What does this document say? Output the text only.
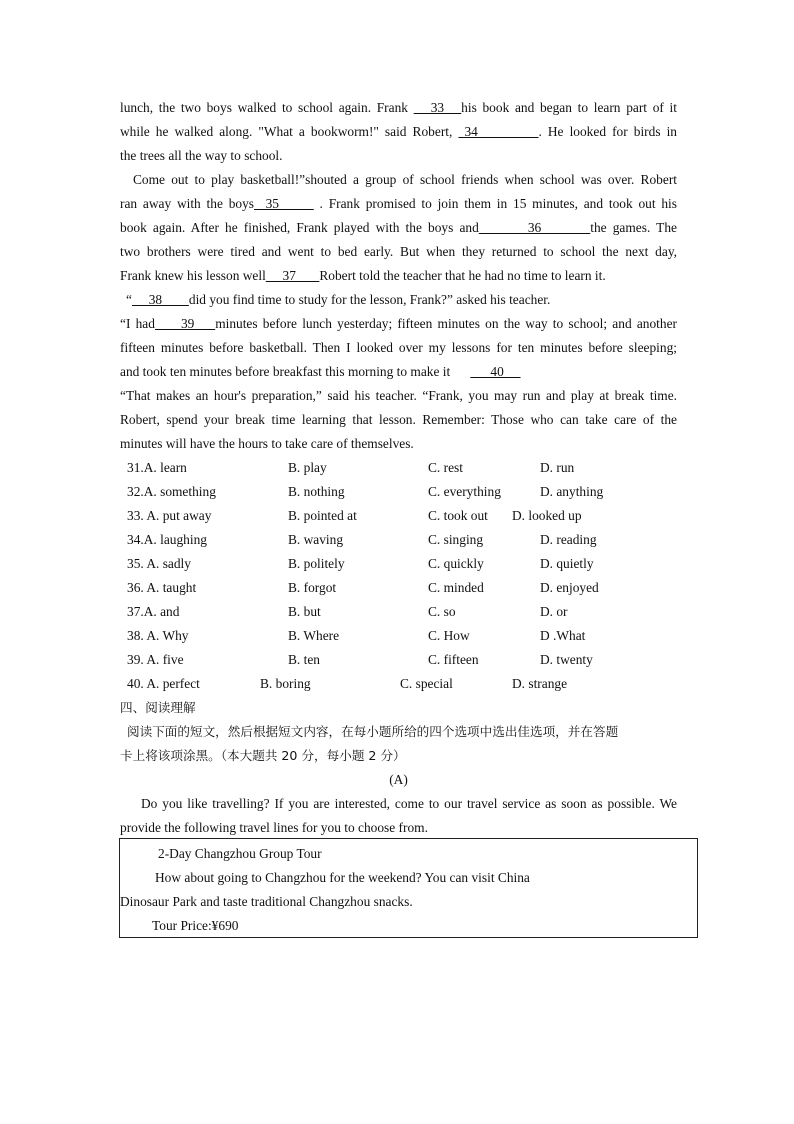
lunch, the two boys walked to school again. Frank    33   his book and began to learn part of it
while he walked along. "What a bookworm!" said Robert,  34          . He looked for birds in
the trees all the way to school.
Come out to play basketball!”shouted a group of school friends when school was over. Robert
ran away with the boys  35       . Frank promised to join them in 15 minutes, and took out his
book again. After he finished, Frank played with the boys and        36        the games. The
two brothers were tired and went to bed early. But when they returned to school the next day,
Frank knew his lesson well     37       Robert told the teacher that he had no time to learn it.
“     38        did you find time to study for the lesson, Frank?” asked his teacher.
“I had     39    minutes before lunch yesterday; fifteen minutes on the way to school; and another
fifteen minutes before basketball. Then I looked over my lessons for ten minutes before sleeping;
and took ten minutes before breakfast this morning to make it            40
“That makes an hour's preparation,” said his teacher. “Frank, you may run and play at break time.
Robert, spend your break time learning that lesson. Remember: Those who can take care of the
minutes will have the hours to take care of themselves.
31.A. learn	B. play	C. rest	D. run
32.A. something	B. nothing	C. everything	D. anything
33. A. put away	B. pointed at	C. took out D. looked up
34.A. laughing	B. waving	C. singing	D. reading
35. A. sadly	B. politely	C. quickly	D. quietly
36. A. taught	B. forgot	C. minded	D. enjoyed
37.A. and	B. but	C. so	D. or
38. A. Why	B. Where	C. How	D .What
39. A. five	B. ten	C. fifteen	D. twenty
40. A. perfect	B. boring	C. special	D. strange
四、阅读理解
阅读下面的短文，然后根据短文内容，在每小题所给的四个选项中选出佳选项，并在答题
卡上将该项涂黑。（本大题共 20 分，每小题 2 分）
(A)
Do you like travelling? If you are interested, come to our travel service as soon as possible. We
provide the following travel lines for you to choose from.
2-Day Changzhou Group Tour
How about going to Changzhou for the weekend? You can visit China
Dinosaur Park and taste traditional Changzhou snacks.
Tour Price:¥690
